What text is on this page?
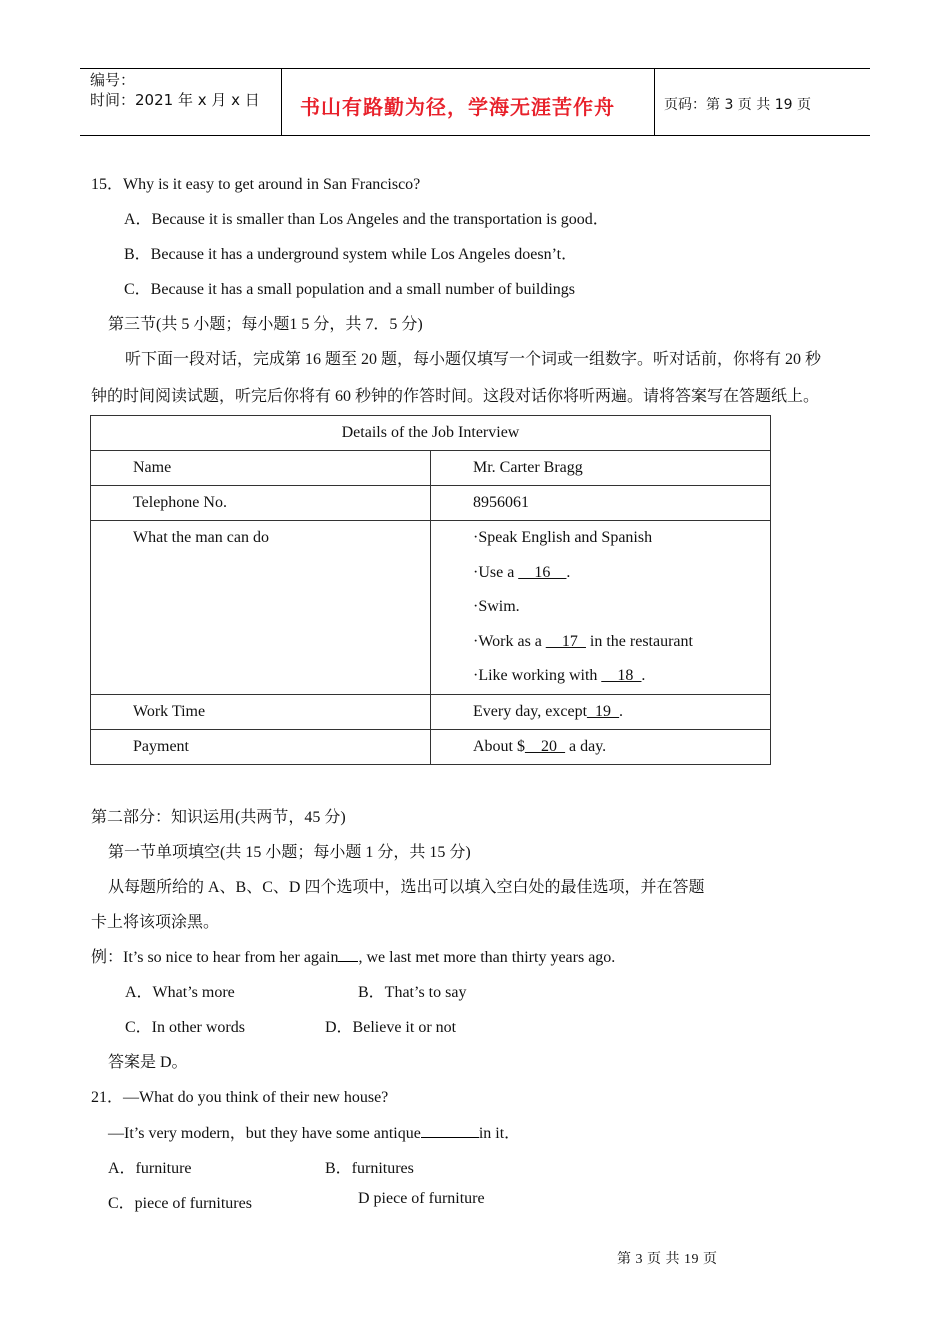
编号：
时间：2021 年 x 月 x 日 书山有路勤为径，学海无涯苦作舟	页码：第 3 页 共 19 页
15．Why is it easy to get around in San Francisco?
A．Because it is smaller than Los Angeles and the transportation is good．
B．Because it has a underground system while Los Angeles doesn’t．
C．Because it has a small population and a small number of buildings
第三节(共 5 小题；每小题1 5 分，共 7．5 分)
听下面一段对话，完成第 16 题至 20 题，每小题仅填写一个词或一组数字。听对话前，你将有 20 秒
钟的时间阅读试题，听完后你将有 60 秒钟的作答时间。这段对话你将听两遍。请将答案写在答题纸上。
Details of the Job Interview	
Name	Mr. Carter Bragg
Telephone No.	8956061
What the man can do	·Speak English and Spanish
·Use a __16__.
·Swim.
·Work as a __17_ in the restaurant
·Like working with __18_.

Work Time	Every day, except_19_.
Payment	About $__20_ a day.
第二部分：知识运用(共两节，45 分)
第一节单项填空(共 15 小题；每小题 1 分，共 15 分)
从每题所给的 A、B、C、D 四个选项中，选出可以填入空白处的最佳选项，并在答题
卡上将该项涂黑。
例：It’s so nice to hear from her again , we last met more than thirty years ago.
A．What’s more	B．That’s to say
C．In other words	D．Believe it or not
答案是 D。
21．—What do you think of their new house?
—It’s very modern，but they have some antique	in it．
A．furniture	B．furnitures
C．piece of furnitures	D piece of furniture
第 3 页 共 19 页
